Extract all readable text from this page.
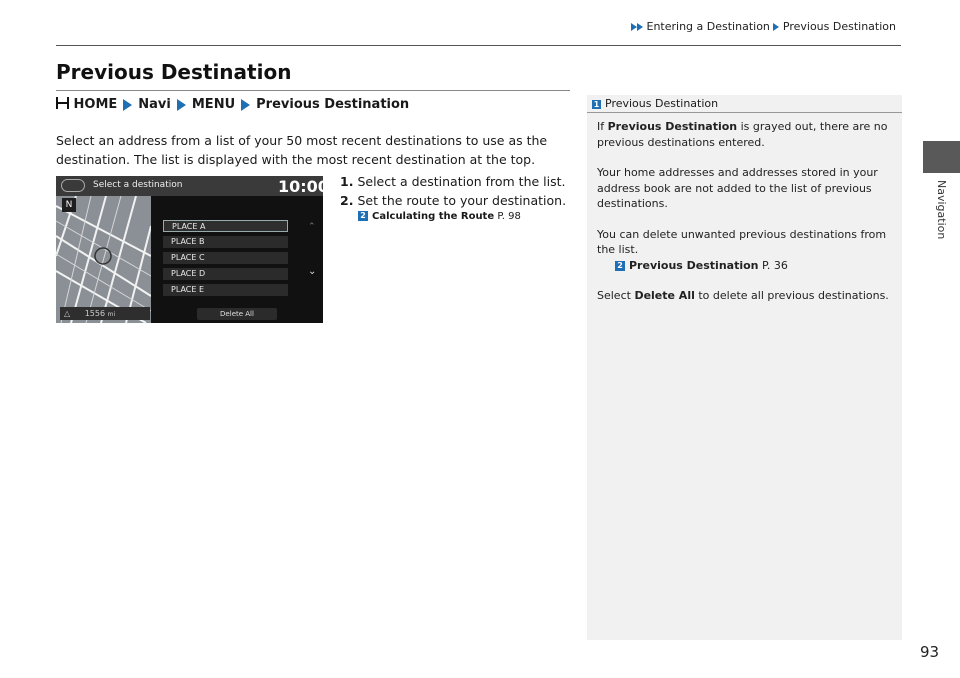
Entering a Destination Previous Destination
Navigation
Previous Destination
HOME Navi MENU Previous Destination
Select an address from a list of your 50 most recent destinations to use as the
destination. The list is displayed with the most recent destination at the top.
1. Select a destination from the list.
2. Set the route to your destination.
2 Calculating the Route P. 98
N
Select a destination	10:00
PLACE A
PLACE B
PLACE C
PLACE D
PLACE E
⌃
⌄
Delete All
△ 1556 mi
1 Previous Destination
If Previous Destination is grayed out, there are no
previous destinations entered.
Your home addresses and addresses stored in your
address book are not added to the list of previous
destinations.
You can delete unwanted previous destinations from
the list.
2 Previous Destination P. 36
Select Delete All to delete all previous destinations.
93
